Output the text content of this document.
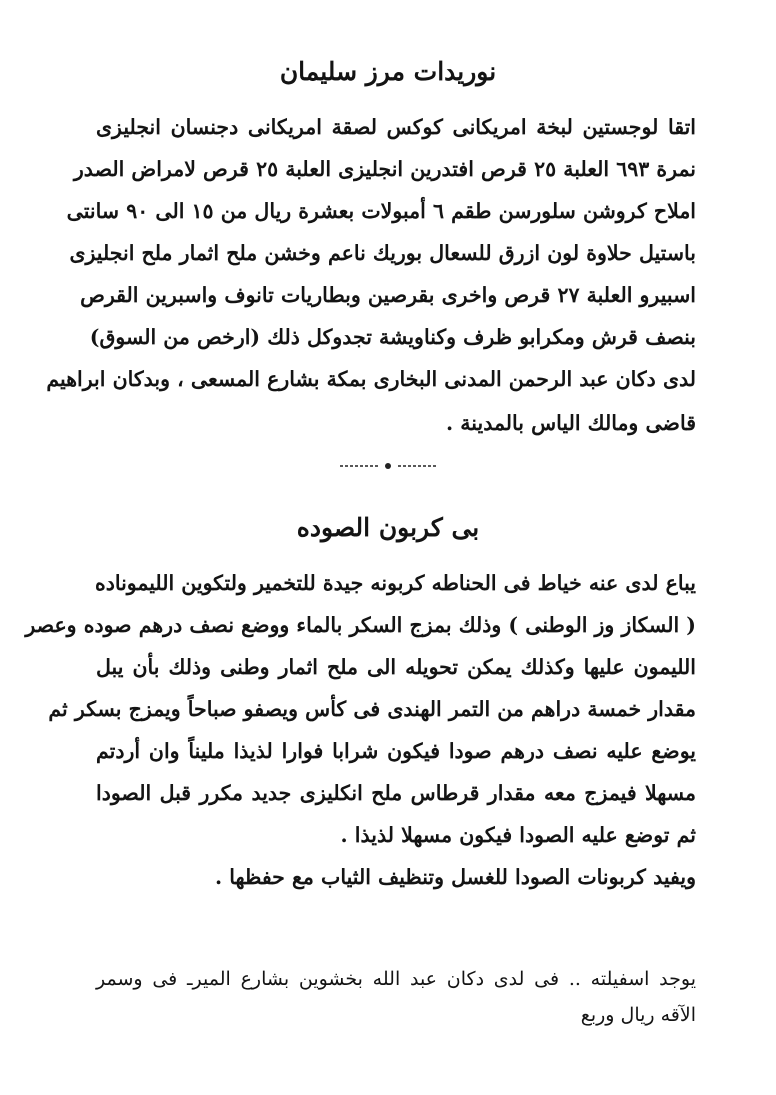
نوريدات مرز سليمان
اتقا لوجستين لبخة امريكانى كوكس لصقة امريكانى دجنسان انجليزى
نمرة ٦٩٣ العلبة ٢٥ قرص افتدرين انجليزى العلبة ٢٥ قرص لامراض الصدر
املاح كروشن سلورسن طقم ٦ أمبولات بعشرة ريال من ١٥ الى ٩٠ سانتى
باستيل حلاوة لون ازرق للسعال بوريك ناعم وخشن ملح اثمار ملح انجليزى
اسبيرو العلبة ٢٧ قرص واخرى بقرصين وبطاريات تانوف واسبرين القرص
بنصف قرش ومكرابو ظرف وكناويشة تجدوكل ذلك (ارخص من السوق)
لدى دكان عبد الرحمن المدنى البخارى بمكة بشارع المسعى ، وبدكان ابراهيم
قاضى ومالك الياس بالمدينة .
بى كربون الصوده
يباع لدى عنه خياط فى الحناطه كربونه جيدة للتخمير ولتكوين الليموناده
( السكاز وز الوطنى ) وذلك بمزج السكر بالماء ووضع نصف درهم صوده وعصر
الليمون عليها وكذلك يمكن تحويله الى ملح اثمار وطنى وذلك بأن يبل
مقدار خمسة دراهم من التمر الهندى فى كأس ويصفو صباحاً ويمزج بسكر ثم
يوضع عليه نصف درهم صودا فيكون شرابا فوارا لذيذا مليناً وان أردتم
مسهلا فيمزج معه مقدار قرطاس ملح انكليزى جديد مكرر قبل الصودا
ثم توضع عليه الصودا فيكون مسهلا لذيذا .
ويفيد كربونات الصودا للغسل وتنظيف الثياب مع حفظها .
يوجد اسفيلته .. فى لدى دكان عبد الله بخشوين بشارع الميرـ فى وسمر
الآقه ريال وربع
